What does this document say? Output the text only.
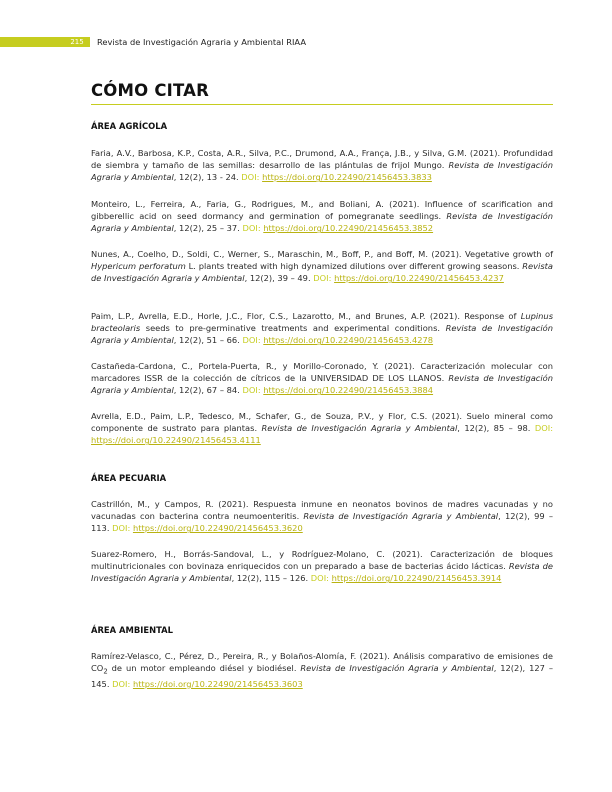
215	Revista de Investigación Agraria y Ambiental RIAA
CÓMO CITAR
ÁREA AGRÍCOLA

Faria, A.V., Barbosa, K.P., Costa, A.R., Silva, P.C., Drumond, A.A., França, J.B., y Silva, G.M. (2021). Profundidad de siembra y tamaño de las semillas: desarrollo de las plántulas de frijol Mungo. Revista de Investigación Agraria y Ambiental, 12(2), 13 - 24. DOI: https://doi.org/10.22490/21456453.3833

Monteiro, L., Ferreira, A., Faria, G., Rodrigues, M., and Boliani, A. (2021). Influence of scarification and gibberellic acid on seed dormancy and germination of pomegranate seedlings. Revista de Investigación Agraria y Ambiental, 12(2), 25 – 37. DOI: https://doi.org/10.22490/21456453.3852

Nunes, A., Coelho, D., Soldi, C., Werner, S., Maraschin, M., Boff, P., and Boff, M. (2021). Vegetative growth of Hypericum perforatum L. plants treated with high dynamized dilutions over different growing seasons. Revista de Investigación Agraria y Ambiental, 12(2), 39 – 49. DOI: https://doi.org/10.22490/21456453.4237

Paim, L.P., Avrella, E.D., Horle, J.C., Flor, C.S., Lazarotto, M., and Brunes, A.P. (2021). Response of Lupinus bracteolaris seeds to pre-germinative treatments and experimental conditions. Revista de Investigación Agraria y Ambiental, 12(2), 51 – 66. DOI: https://doi.org/10.22490/21456453.4278

Castañeda-Cardona, C., Portela-Puerta, R., y Morillo-Coronado, Y. (2021). Caracterización molecular con marcadores ISSR de la colección de cítricos de la UNIVERSIDAD DE LOS LLANOS. Revista de Investigación Agraria y Ambiental, 12(2), 67 – 84. DOI: https://doi.org/10.22490/21456453.3884

Avrella, E.D., Paim, L.P., Tedesco, M., Schafer, G., de Souza, P.V., y Flor, C.S. (2021). Suelo mineral como componente de sustrato para plantas. Revista de Investigación Agraria y Ambiental, 12(2), 85 – 98. DOI: https://doi.org/10.22490/21456453.4111

ÁREA PECUARIA

Castrillón, M., y Campos, R. (2021). Respuesta inmune en neonatos bovinos de madres vacunadas y no vacunadas con bacterina contra neumoenteritis. Revista de Investigación Agraria y Ambiental, 12(2), 99 – 113. DOI: https://doi.org/10.22490/21456453.3620

Suarez-Romero, H., Borrás-Sandoval, L., y Rodríguez-Molano, C. (2021). Caracterización de bloques multinutricionales con bovinaza enriquecidos con un preparado a base de bacterias ácido lácticas. Revista de Investigación Agraria y Ambiental, 12(2), 115 – 126. DOI: https://doi.org/10.22490/21456453.3914

ÁREA AMBIENTAL

Ramírez-Velasco, C., Pérez, D., Pereira, R., y Bolaños-Alomía, F. (2021). Análisis comparativo de emisiones de $CO_2$ de un motor empleando diésel y biodiésel. Revista de Investigación Agraria y Ambiental, 12(2), 127 – 145. DOI: https://doi.org/10.22490/21456453.3603
